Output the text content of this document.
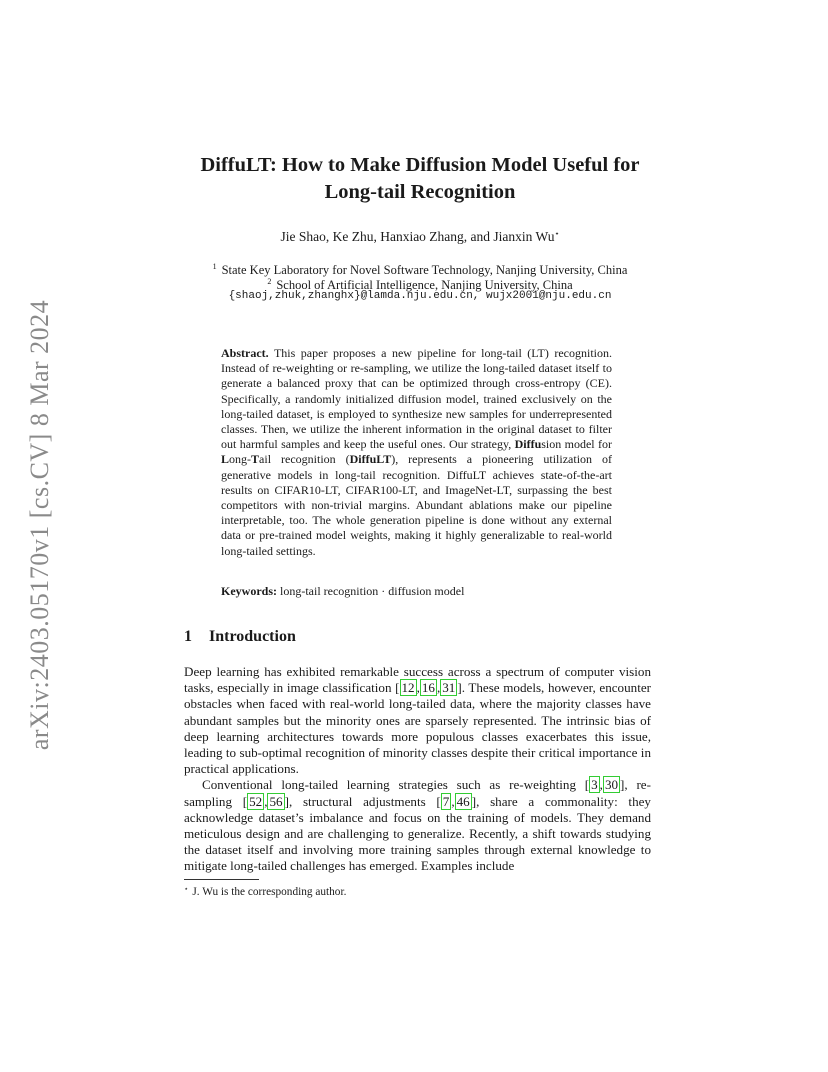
arXiv:2403.05170v1 [cs.CV] 8 Mar 2024
DiffuLT: How to Make Diffusion Model Useful for
Long-tail Recognition
Jie Shao, Ke Zhu, Hanxiao Zhang, and Jianxin Wu⋆
$^1$ State Key Laboratory for Novel Software Technology, Nanjing University, China
$^2$ School of Artificial Intelligence, Nanjing University, China
{shaoj,zhuk,zhanghx}@lamda.nju.edu.cn, wujx2001@nju.edu.cn
Abstract. This paper proposes a new pipeline for long-tail (LT) recognition. Instead of re-weighting or re-sampling, we utilize the long-tailed dataset itself to generate a balanced proxy that can be optimized through cross-entropy (CE). Specifically, a randomly initialized diffusion model, trained exclusively on the long-tailed dataset, is employed to synthesize new samples for underrepresented classes. Then, we utilize the inherent information in the original dataset to filter out harmful samples and keep the useful ones. Our strategy, Diffusion model for Long-Tail recognition (DiffuLT), represents a pioneering utilization of generative models in long-tail recognition. DiffuLT achieves state-of-the-art results on CIFAR10-LT, CIFAR100-LT, and ImageNet-LT, surpassing the best competitors with non-trivial margins. Abundant ablations make our pipeline interpretable, too. The whole generation pipeline is done without any external data or pre-trained model weights, making it highly generalizable to real-world long-tailed settings.
Keywords: long-tail recognition · diffusion model
1 Introduction

Deep learning has exhibited remarkable success across a spectrum of computer vision tasks, especially in image classification [ 12 , 16 , 31 ]. These models, however, encounter obstacles when faced with real-world long-tailed data, where the majority classes have abundant samples but the minority ones are sparsely represented. The intrinsic bias of deep learning architectures towards more populous classes exacerbates this issue, leading to sub-optimal recognition of minority classes despite their critical importance in practical applications.

Conventional long-tailed learning strategies such as re-weighting [ 3 , 30 ], re-sampling [ 52 , 56 ], structural adjustments [ 7 , 46 ], share a commonality: they acknowledge dataset’s imbalance and focus on the training of models. They demand meticulous design and are challenging to generalize. Recently, a shift towards studying the dataset itself and involving more training samples through external knowledge to mitigate long-tailed challenges has emerged. Examples include

⋆ J. Wu is the corresponding author.
